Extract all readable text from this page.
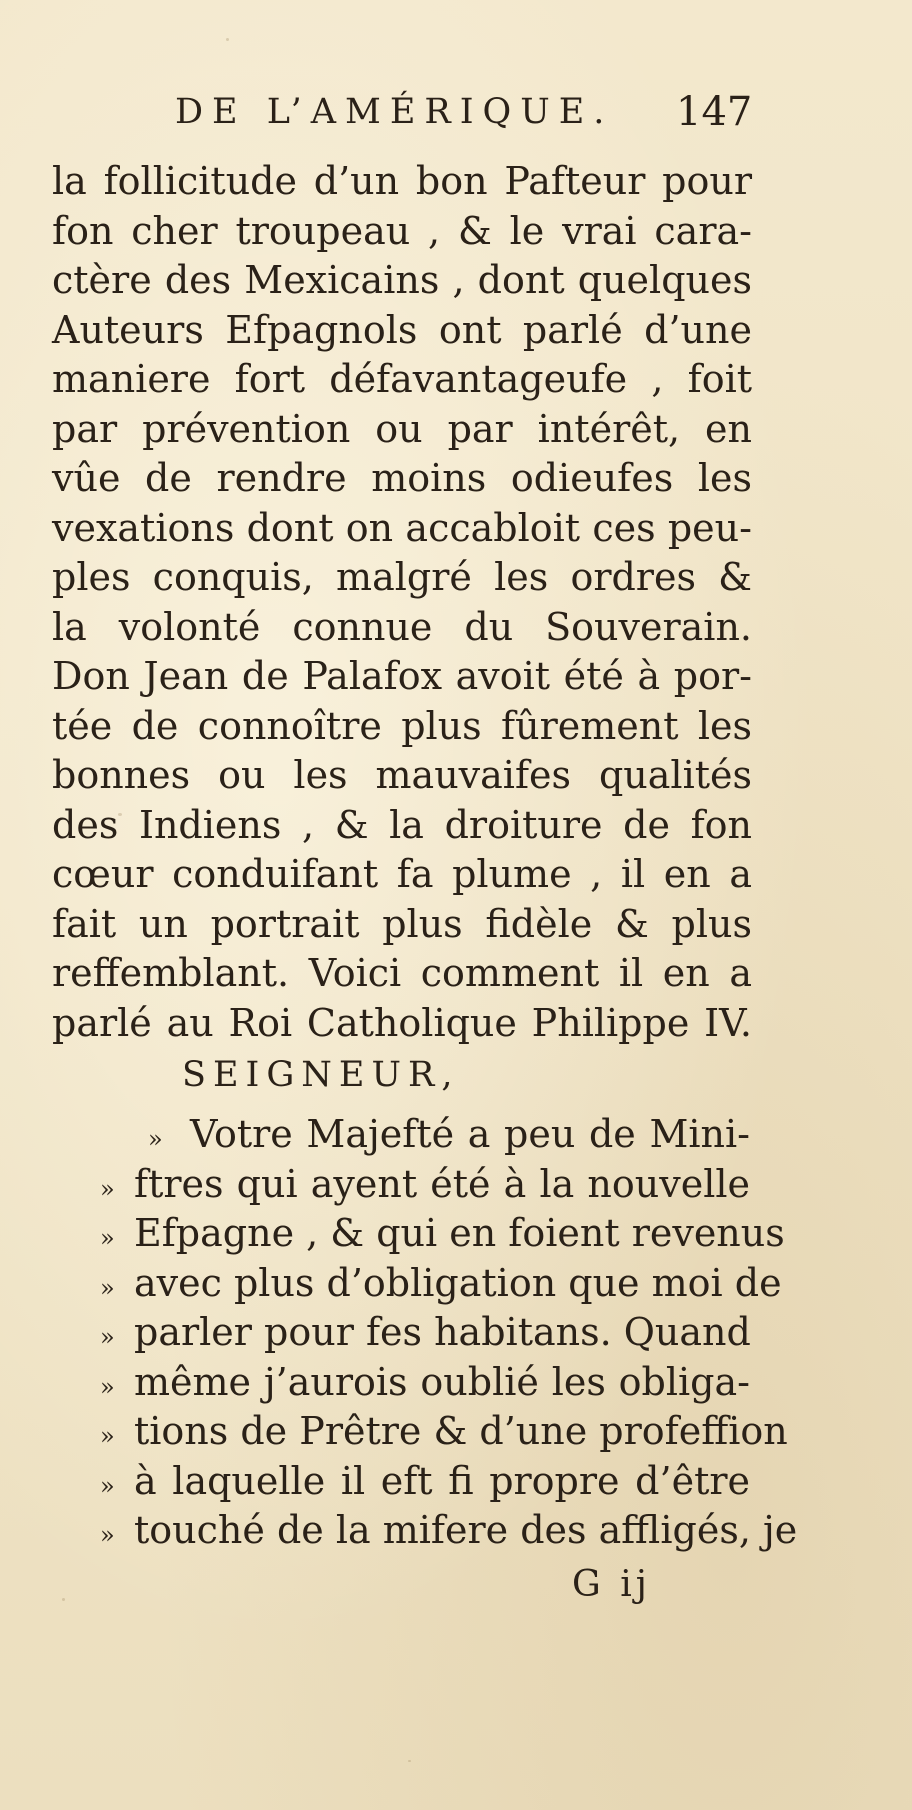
DE L’AMÉRIQUE. 147
la follicitude d’un bon Pafteur pour
fon cher troupeau , & le vrai cara-
ctère des Mexicains , dont quelques
Auteurs Efpagnols ont parlé d’une
maniere fort défavantageufe , foit
par prévention ou par intérêt, en
vûe de rendre moins odieufes les
vexations dont on accabloit ces peu-
ples conquis, malgré les ordres &
la volonté connue du Souverain.
Don Jean de Palafox avoit été à por-
tée de connoître plus fûrement les
bonnes ou les mauvaifes qualités
des Indiens , & la droiture de fon
cœur conduifant fa plume , il en a
fait un portrait plus fidèle & plus
reffemblant. Voici comment il en a
parlé au Roi Catholique Philippe IV.
SEIGNEUR,
» Votre Majefté a peu de Mini-
» ftres qui ayent été à la nouvelle
» Efpagne , & qui en foient revenus
» avec plus d’obligation que moi de
» parler pour fes habitans. Quand
» même j’aurois oublié les obliga-
» tions de Prêtre & d’une profeffion
» à laquelle il eft fi propre d’être
» touché de la mifere des affligés, je
G ij
